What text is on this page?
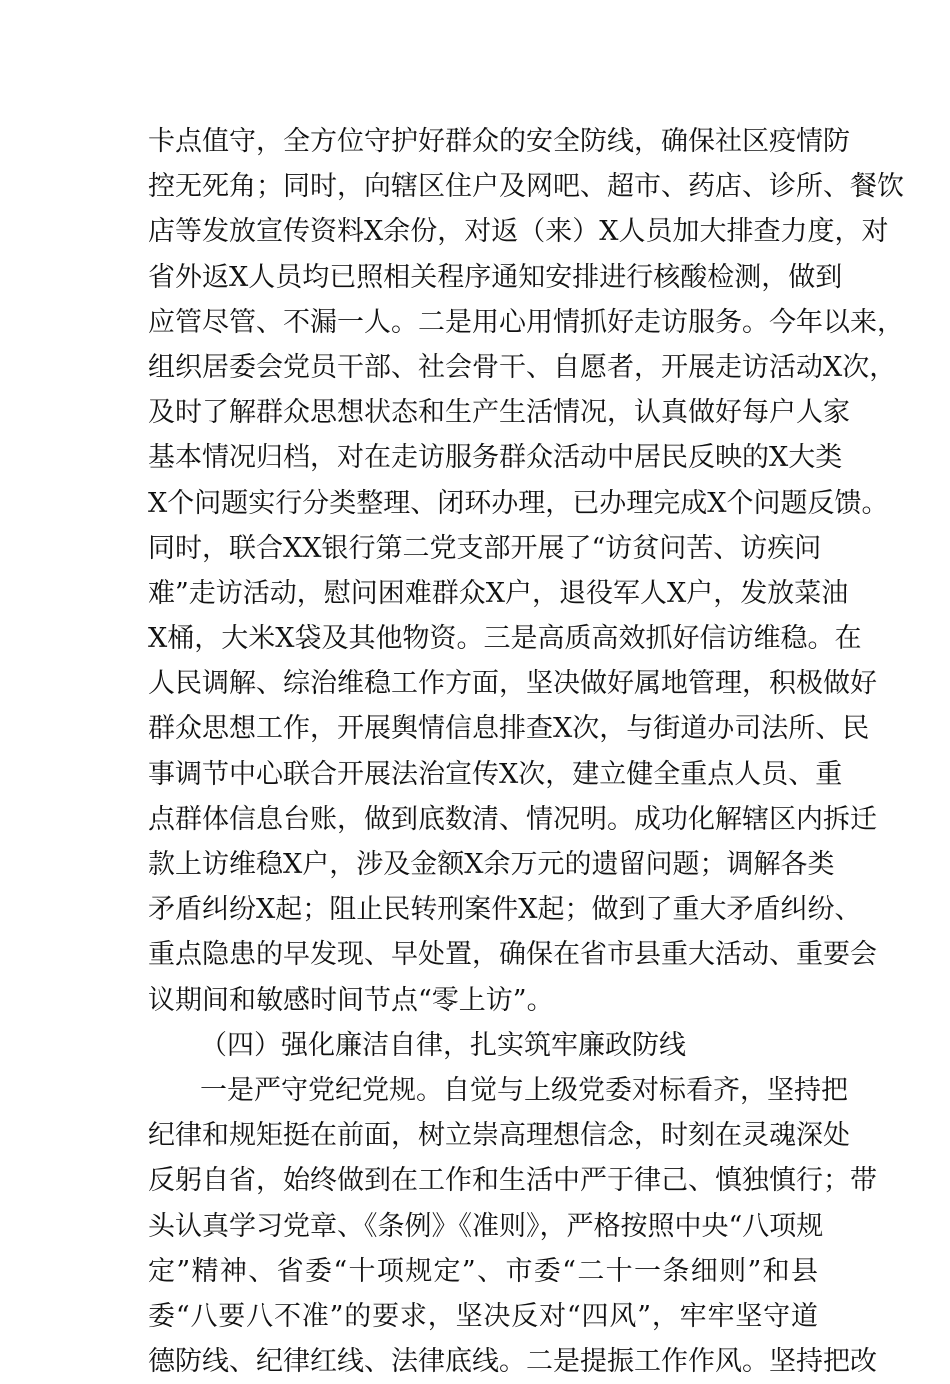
卡点值守，全方位守护好群众的安全防线，确保社区疫情防
控无死角；同时，向辖区住户及网吧、超市、药店、诊所、餐饮
店等发放宣传资料X余份，对返（来）X人员加大排查力度，对
省外返X人员均已照相关程序通知安排进行核酸检测，做到
应管尽管、不漏一人。二是用心用情抓好走访服务。今年以来，
组织居委会党员干部、社会骨干、自愿者，开展走访活动X次，
及时了解群众思想状态和生产生活情况，认真做好每户人家
基本情况归档，对在走访服务群众活动中居民反映的X大类
X个问题实行分类整理、闭环办理，已办理完成X个问题反馈。
同时，联合XX银行第二党支部开展了“访贫问苦、访疾问
难”走访活动，慰问困难群众X户，退役军人X户，发放菜油
X桶，大米X袋及其他物资。三是高质高效抓好信访维稳。在
人民调解、综治维稳工作方面，坚决做好属地管理，积极做好
群众思想工作，开展舆情信息排查X次，与街道办司法所、民
事调节中心联合开展法治宣传X次，建立健全重点人员、重
点群体信息台账，做到底数清、情况明。成功化解辖区内拆迁
款上访维稳X户，涉及金额X余万元的遗留问题；调解各类
矛盾纠纷X起；阻止民转刑案件X起；做到了重大矛盾纠纷、
重点隐患的早发现、早处置，确保在省市县重大活动、重要会
议期间和敏感时间节点“零上访”。
（四）强化廉洁自律，扎实筑牢廉政防线
一是严守党纪党规。自觉与上级党委对标看齐，坚持把
纪律和规矩挺在前面，树立崇高理想信念，时刻在灵魂深处
反躬自省，始终做到在工作和生活中严于律己、慎独慎行；带
头认真学习党章、《条例》《准则》，严格按照中央“八项规
定”精神、省委“十项规定”、市委“二十一条细则”和县
委“八要八不准”的要求，坚决反对“四风”，牢牢坚守道
德防线、纪律红线、法律底线。二是提振工作作风。坚持把改
